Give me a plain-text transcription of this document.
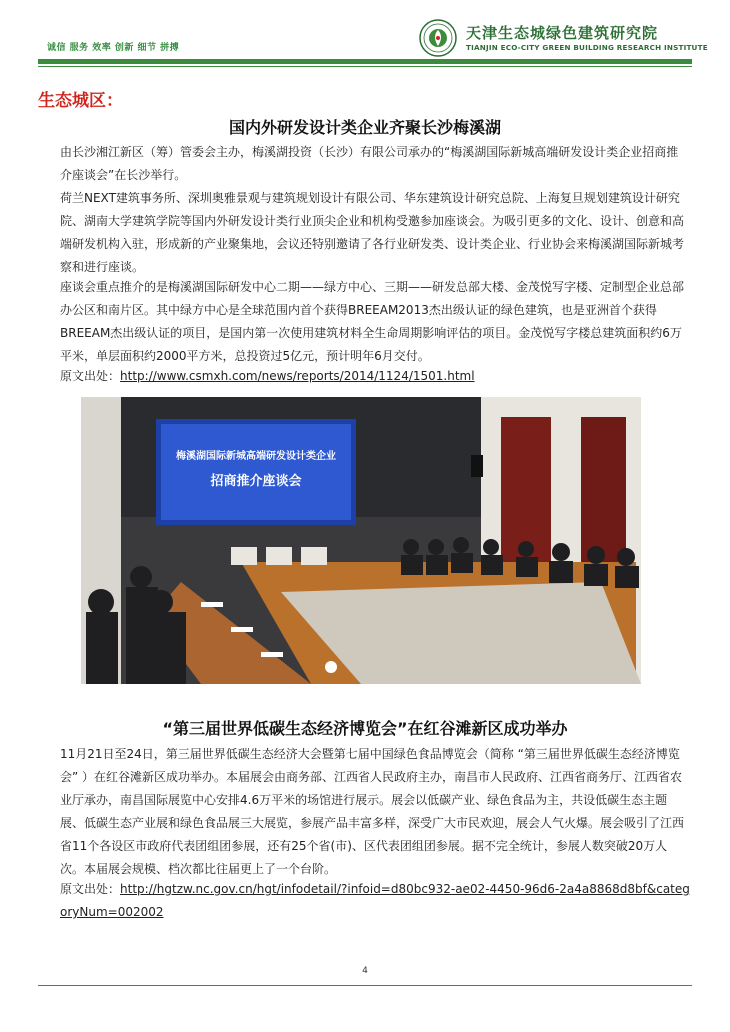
诚信 服务 效率 创新 细节 拼搏
天津生态城绿色建筑研究院
TIANJIN ECO-CITY GREEN BUILDING RESEARCH INSTITUTE
生态城区：
国内外研发设计类企业齐聚长沙梅溪湖

由长沙湘江新区（筹）管委会主办，梅溪湖投资（长沙）有限公司承办的“梅溪湖国际新城高端研发设计类企业招商推介座谈会”在长沙举行。

荷兰NEXT建筑事务所、深圳奥雅景观与建筑规划设计有限公司、华东建筑设计研究总院、上海复旦规划建筑设计研究院、湖南大学建筑学院等国内外研发设计类行业顶尖企业和机构受邀参加座谈会。为吸引更多的文化、设计、创意和高端研发机构入驻，形成新的产业聚集地，会议还特别邀请了各行业研发类、设计类企业、行业协会来梅溪湖国际新城考察和进行座谈。

座谈会重点推介的是梅溪湖国际研发中心二期——绿方中心、三期——研发总部大楼、金茂悦写字楼、定制型企业总部办公区和南片区。其中绿方中心是全球范围内首个获得BREEAM2013杰出级认证的绿色建筑，也是亚洲首个获得BREEAM杰出级认证的项目，是国内第一次使用建筑材料全生命周期影响评估的项目。金茂悦写字楼总建筑面积约6万平米，单层面积约2000平方米，总投资过5亿元，预计明年6月交付。

原文出处：http://www.csmxh.com/news/reports/2014/1124/1501.html

梅溪湖国际新城高端研发设计类企业
招商推介座谈会
“第三届世界低碳生态经济博览会”在红谷滩新区成功举办

11月21日至24日，第三届世界低碳生态经济大会暨第七届中国绿色食品博览会（简称 “第三届世界低碳生态经济博览会” ）在红谷滩新区成功举办。本届展会由商务部、江西省人民政府主办，南昌市人民政府、江西省商务厅、江西省农业厅承办，南昌国际展览中心安排4.6万平米的场馆进行展示。展会以低碳产业、绿色食品为主，共设低碳生态主题展、低碳生态产业展和绿色食品展三大展览，参展产品丰富多样，深受广大市民欢迎，展会人气火爆。展会吸引了江西省11个各设区市政府代表团组团参展，还有25个省(市)、区代表团组团参展。据不完全统计，参展人数突破20万人次。本届展会规模、档次都比往届更上了一个台阶。

原文出处：http://hgtzw.nc.gov.cn/hgt/infodetail/?infoid=d80bc932-ae02-4450-96d6-2a4a8868d8bf&categoryNum=002002

4
